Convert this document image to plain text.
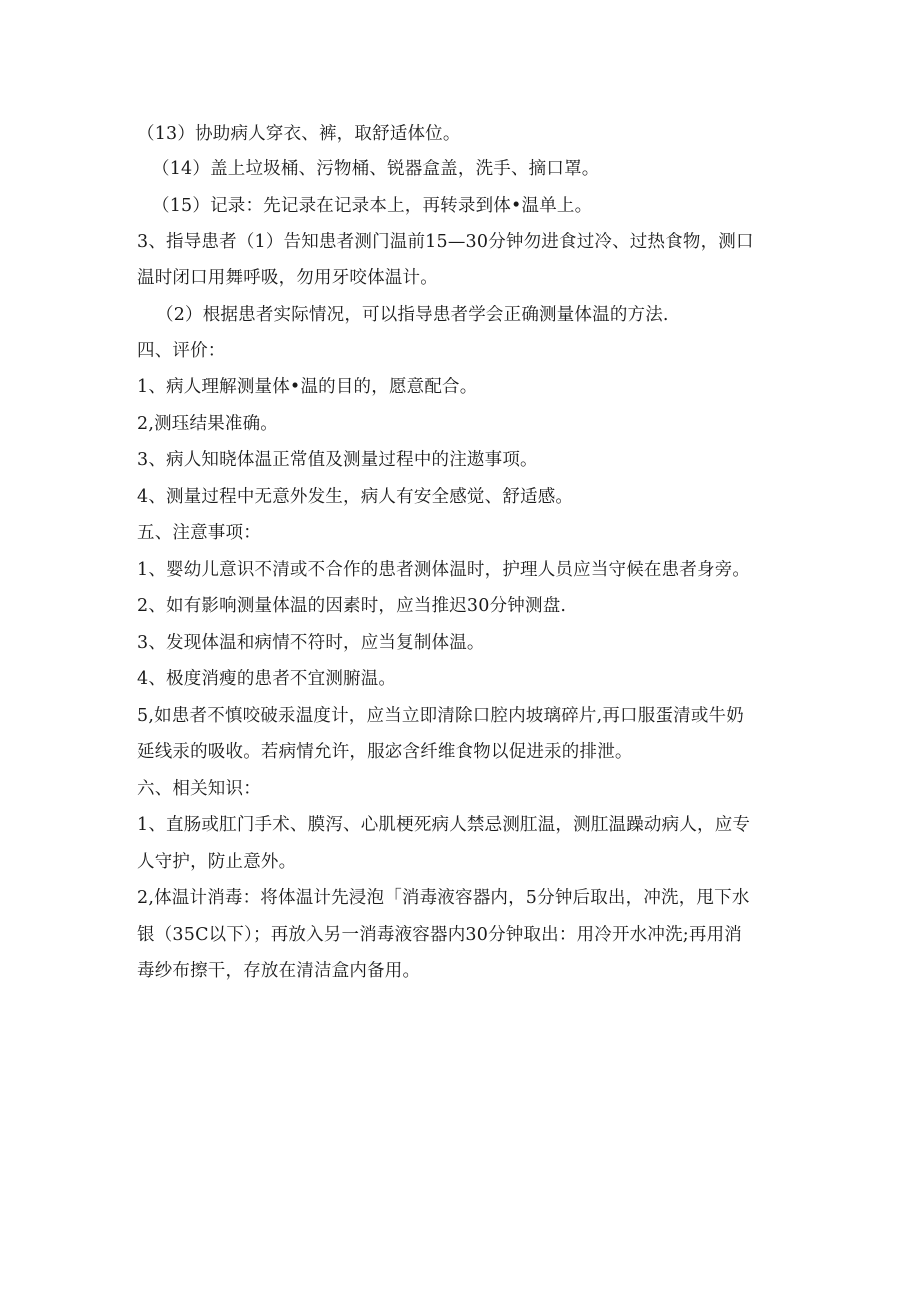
（13）协助病人穿衣、裤，取舒适体位。
（14）盖上垃圾桶、污物桶、锐器盒盖，洗手、摘口罩。
（15）记录：先记录在记录本上，再转录到体•温单上。
3、指导患者（1）告知患者测门温前15—30分钟勿进食过冷、过热食物，测口
温时闭口用舞呼吸，勿用牙咬体温计。
（2）根据患者实际情况，可以指导患者学会正确测量体温的方法.
四、评价：
1、病人理解测量体•温的目的，愿意配合。
2,测珏结果准确。
3、病人知晓体温正常值及测量过程中的注遨事项。
4、测量过程中无意外发生，病人有安全感觉、舒适感。
五、注意事项：
1、婴幼儿意识不清或不合作的患者测体温时，护理人员应当守候在患者身旁。
2、如有影响测量体温的因素时，应当推迟30分钟测盘.
3、发现体温和病情不符时，应当复制体温。
4、极度消瘦的患者不宜测腑温。
5,如患者不慎咬破汞温度计，应当立即清除口腔内坡璃碎片,再口服蛋清或牛奶
延线汞的吸收。若病情允许，服宓含纤维食物以促进汞的排泄。
六、相关知识：
1、直肠或肛门手术、膜泻、心肌梗死病人禁忌测肛温，测肛温躁动病人，应专
人守护，防止意外。
2,体温计消毒：将体温计先浸泡「消毒液容器内，5分钟后取出，冲洗，甩下水
银（35C以下）；再放入另一消毒液容器内30分钟取出：用冷开水冲洗;再用消
毒纱布擦干，存放在清洁盒内备用。
